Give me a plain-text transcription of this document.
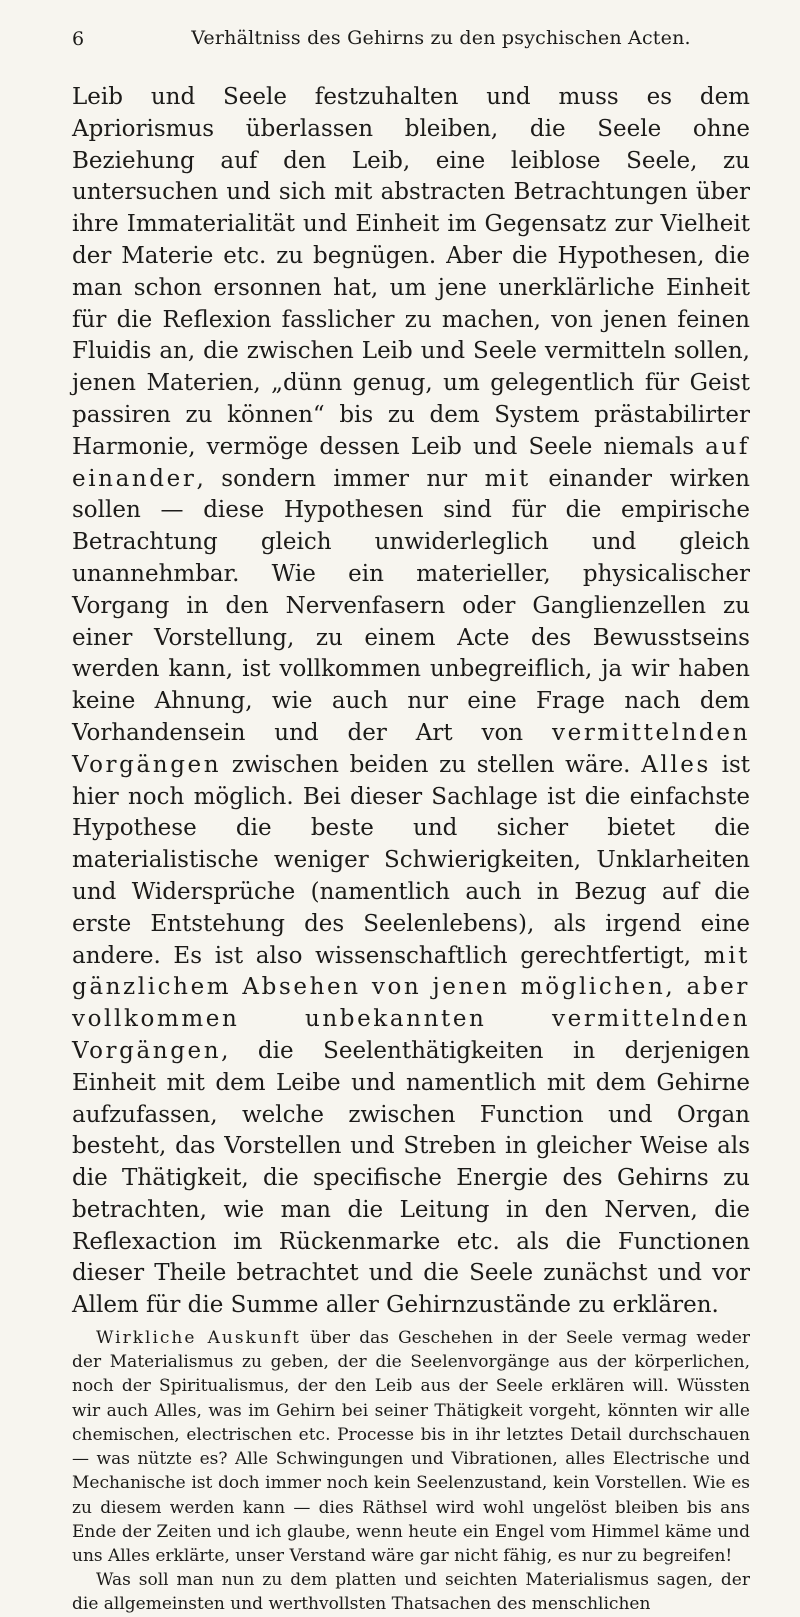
6	Verhältniss des Gehirns zu den psychischen Acten.

Leib und Seele festzuhalten und muss es dem Apriorismus überlassen bleiben, die Seele ohne Beziehung auf den Leib, eine leiblose Seele, zu untersuchen und sich mit abstracten Betrachtungen über ihre Immaterialität und Einheit im Gegensatz zur Vielheit der Materie etc. zu begnügen. Aber die Hypothesen, die man schon ersonnen hat, um jene unerklärliche Einheit für die Reflexion fasslicher zu machen, von jenen feinen Fluidis an, die zwischen Leib und Seele vermitteln sollen, jenen Materien, „dünn genug, um gelegentlich für Geist passiren zu können“ bis zu dem System prästabilirter Harmonie, vermöge dessen Leib und Seele niemals auf einander, sondern immer nur mit einander wirken sollen — diese Hypothesen sind für die empirische Betrachtung gleich unwiderleglich und gleich unannehmbar. Wie ein materieller, physicalischer Vorgang in den Nervenfasern oder Ganglienzellen zu einer Vorstellung, zu einem Acte des Bewusstseins werden kann, ist vollkommen unbegreiflich, ja wir haben keine Ahnung, wie auch nur eine Frage nach dem Vorhandensein und der Art von vermittelnden Vorgängen zwischen beiden zu stellen wäre. Alles ist hier noch möglich. Bei dieser Sachlage ist die einfachste Hypothese die beste und sicher bietet die materialistische weniger Schwierigkeiten, Unklarheiten und Widersprüche (namentlich auch in Bezug auf die erste Entstehung des Seelenlebens), als irgend eine andere. Es ist also wissenschaftlich gerechtfertigt, mit gänzlichem Absehen von jenen möglichen, aber vollkommen unbekannten vermittelnden Vorgängen, die Seelenthätigkeiten in derjenigen Einheit mit dem Leibe und namentlich mit dem Gehirne aufzufassen, welche zwischen Function und Organ besteht, das Vorstellen und Streben in gleicher Weise als die Thätigkeit, die specifische Energie des Gehirns zu betrachten, wie man die Leitung in den Nerven, die Reflexaction im Rückenmarke etc. als die Functionen dieser Theile betrachtet und die Seele zunächst und vor Allem für die Summe aller Gehirnzustände zu erklären.

Wirkliche Auskunft über das Geschehen in der Seele vermag weder der Materialismus zu geben, der die Seelenvorgänge aus der körperlichen, noch der Spiritualismus, der den Leib aus der Seele erklären will. Wüssten wir auch Alles, was im Gehirn bei seiner Thätigkeit vorgeht, könnten wir alle chemischen, electrischen etc. Processe bis in ihr letztes Detail durchschauen — was nützte es? Alle Schwingungen und Vibrationen, alles Electrische und Mechanische ist doch immer noch kein Seelenzustand, kein Vorstellen. Wie es zu diesem werden kann — dies Räthsel wird wohl ungelöst bleiben bis ans Ende der Zeiten und ich glaube, wenn heute ein Engel vom Himmel käme und uns Alles erklärte, unser Verstand wäre gar nicht fähig, es nur zu begreifen!

Was soll man nun zu dem platten und seichten Materialismus sagen, der die allgemeinsten und werthvollsten Thatsachen des menschlichen
